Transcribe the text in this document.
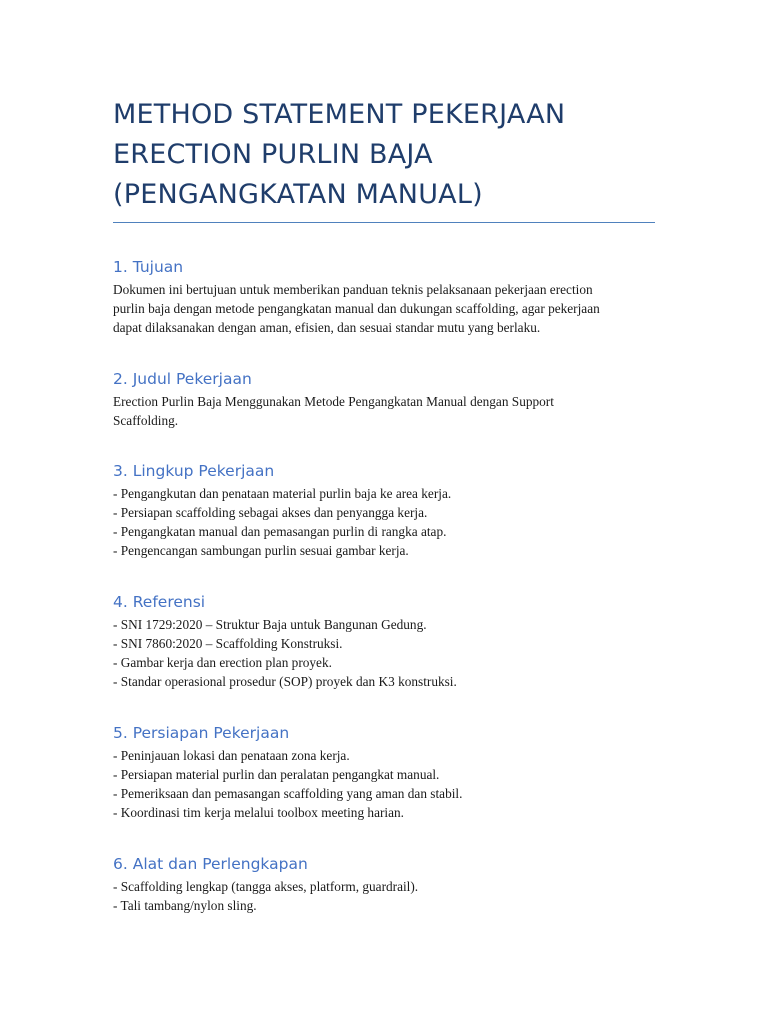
METHOD STATEMENT PEKERJAAN
ERECTION PURLIN BAJA
(PENGANGKATAN MANUAL)
1. Tujuan

Dokumen ini bertujuan untuk memberikan panduan teknis pelaksanaan pekerjaan erection
purlin baja dengan metode pengangkatan manual dan dukungan scaffolding, agar pekerjaan
dapat dilaksanakan dengan aman, efisien, dan sesuai standar mutu yang berlaku.

2. Judul Pekerjaan

Erection Purlin Baja Menggunakan Metode Pengangkatan Manual dengan Support
Scaffolding.

3. Lingkup Pekerjaan
- Pengangkutan dan penataan material purlin baja ke area kerja.
- Persiapan scaffolding sebagai akses dan penyangga kerja.
- Pengangkatan manual dan pemasangan purlin di rangka atap.
- Pengencangan sambungan purlin sesuai gambar kerja.
4. Referensi
- SNI 1729:2020 – Struktur Baja untuk Bangunan Gedung.
- SNI 7860:2020 – Scaffolding Konstruksi.
- Gambar kerja dan erection plan proyek.
- Standar operasional prosedur (SOP) proyek dan K3 konstruksi.
5. Persiapan Pekerjaan
- Peninjauan lokasi dan penataan zona kerja.
- Persiapan material purlin dan peralatan pengangkat manual.
- Pemeriksaan dan pemasangan scaffolding yang aman dan stabil.
- Koordinasi tim kerja melalui toolbox meeting harian.
6. Alat dan Perlengkapan
- Scaffolding lengkap (tangga akses, platform, guardrail).
- Tali tambang/nylon sling.
